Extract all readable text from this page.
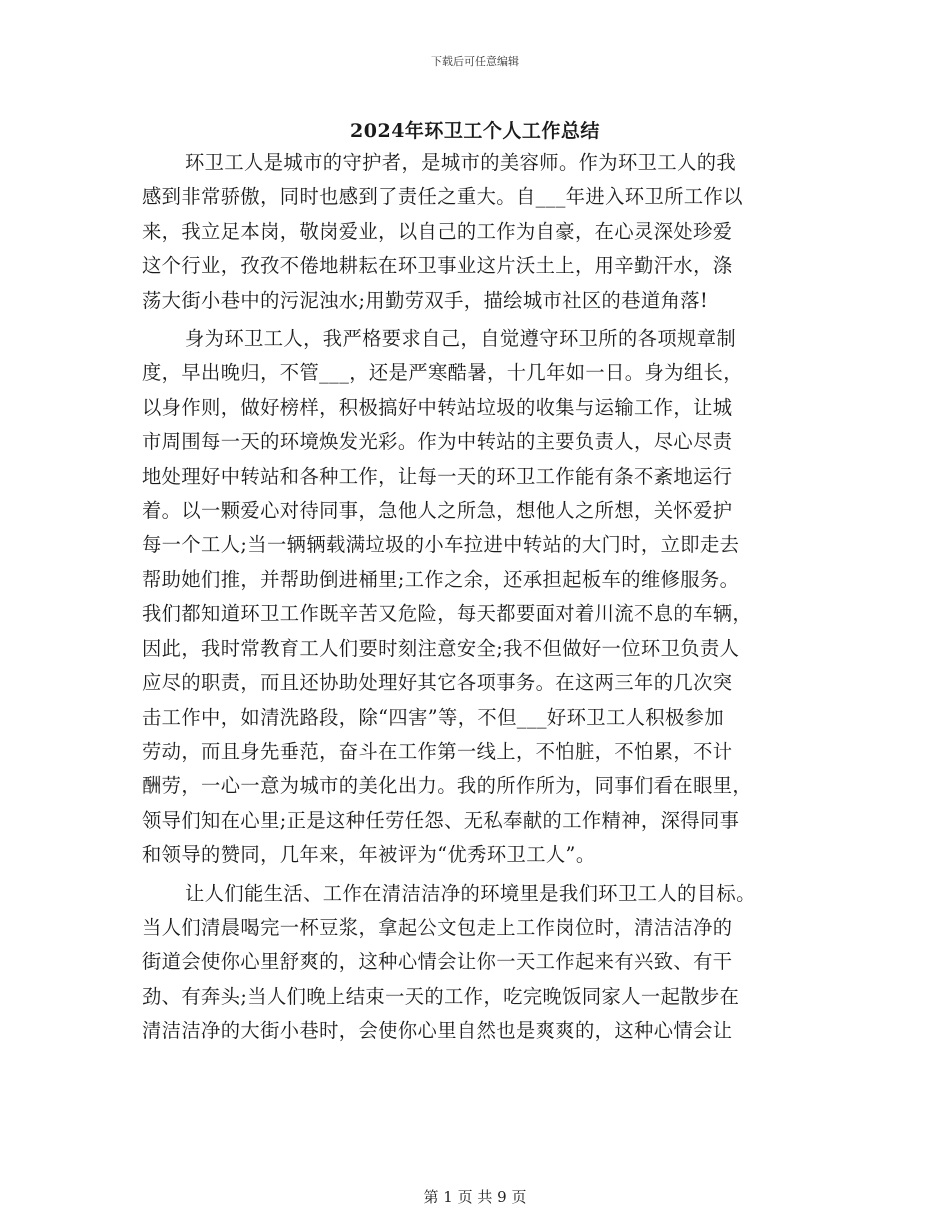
下载后可任意编辑
2024年环卫工个人工作总结
环卫工人是城市的守护者，是城市的美容师。作为环卫工人的我
感到非常骄傲，同时也感到了责任之重大。自___年进入环卫所工作以
来，我立足本岗，敬岗爱业，以自己的工作为自豪，在心灵深处珍爱
这个行业，孜孜不倦地耕耘在环卫事业这片沃土上，用辛勤汗水，涤
荡大街小巷中的污泥浊水;用勤劳双手，描绘城市社区的巷道角落!
身为环卫工人，我严格要求自己，自觉遵守环卫所的各项规章制
度，早出晚归，不管___，还是严寒酷暑，十几年如一日。身为组长，
以身作则，做好榜样，积极搞好中转站垃圾的收集与运输工作，让城
市周围每一天的环境焕发光彩。作为中转站的主要负责人，尽心尽责
地处理好中转站和各种工作，让每一天的环卫工作能有条不紊地运行
着。以一颗爱心对待同事，急他人之所急，想他人之所想，关怀爱护
每一个工人;当一辆辆载满垃圾的小车拉进中转站的大门时，立即走去
帮助她们推，并帮助倒进桶里;工作之余，还承担起板车的维修服务。
我们都知道环卫工作既辛苦又危险，每天都要面对着川流不息的车辆，
因此，我时常教育工人们要时刻注意安全;我不但做好一位环卫负责人
应尽的职责，而且还协助处理好其它各项事务。在这两三年的几次突
击工作中，如清洗路段，除“四害”等，不但___好环卫工人积极参加
劳动，而且身先垂范，奋斗在工作第一线上，不怕脏，不怕累，不计
酬劳，一心一意为城市的美化出力。我的所作所为，同事们看在眼里，
领导们知在心里;正是这种任劳任怨、无私奉献的工作精神，深得同事
和领导的赞同，几年来，年被评为“优秀环卫工人”。
让人们能生活、工作在清洁洁净的环境里是我们环卫工人的目标。
当人们清晨喝完一杯豆浆，拿起公文包走上工作岗位时，清洁洁净的
街道会使你心里舒爽的，这种心情会让你一天工作起来有兴致、有干
劲、有奔头;当人们晚上结束一天的工作，吃完晚饭同家人一起散步在
清洁洁净的大街小巷时，会使你心里自然也是爽爽的，这种心情会让
第 1 页 共 9 页
